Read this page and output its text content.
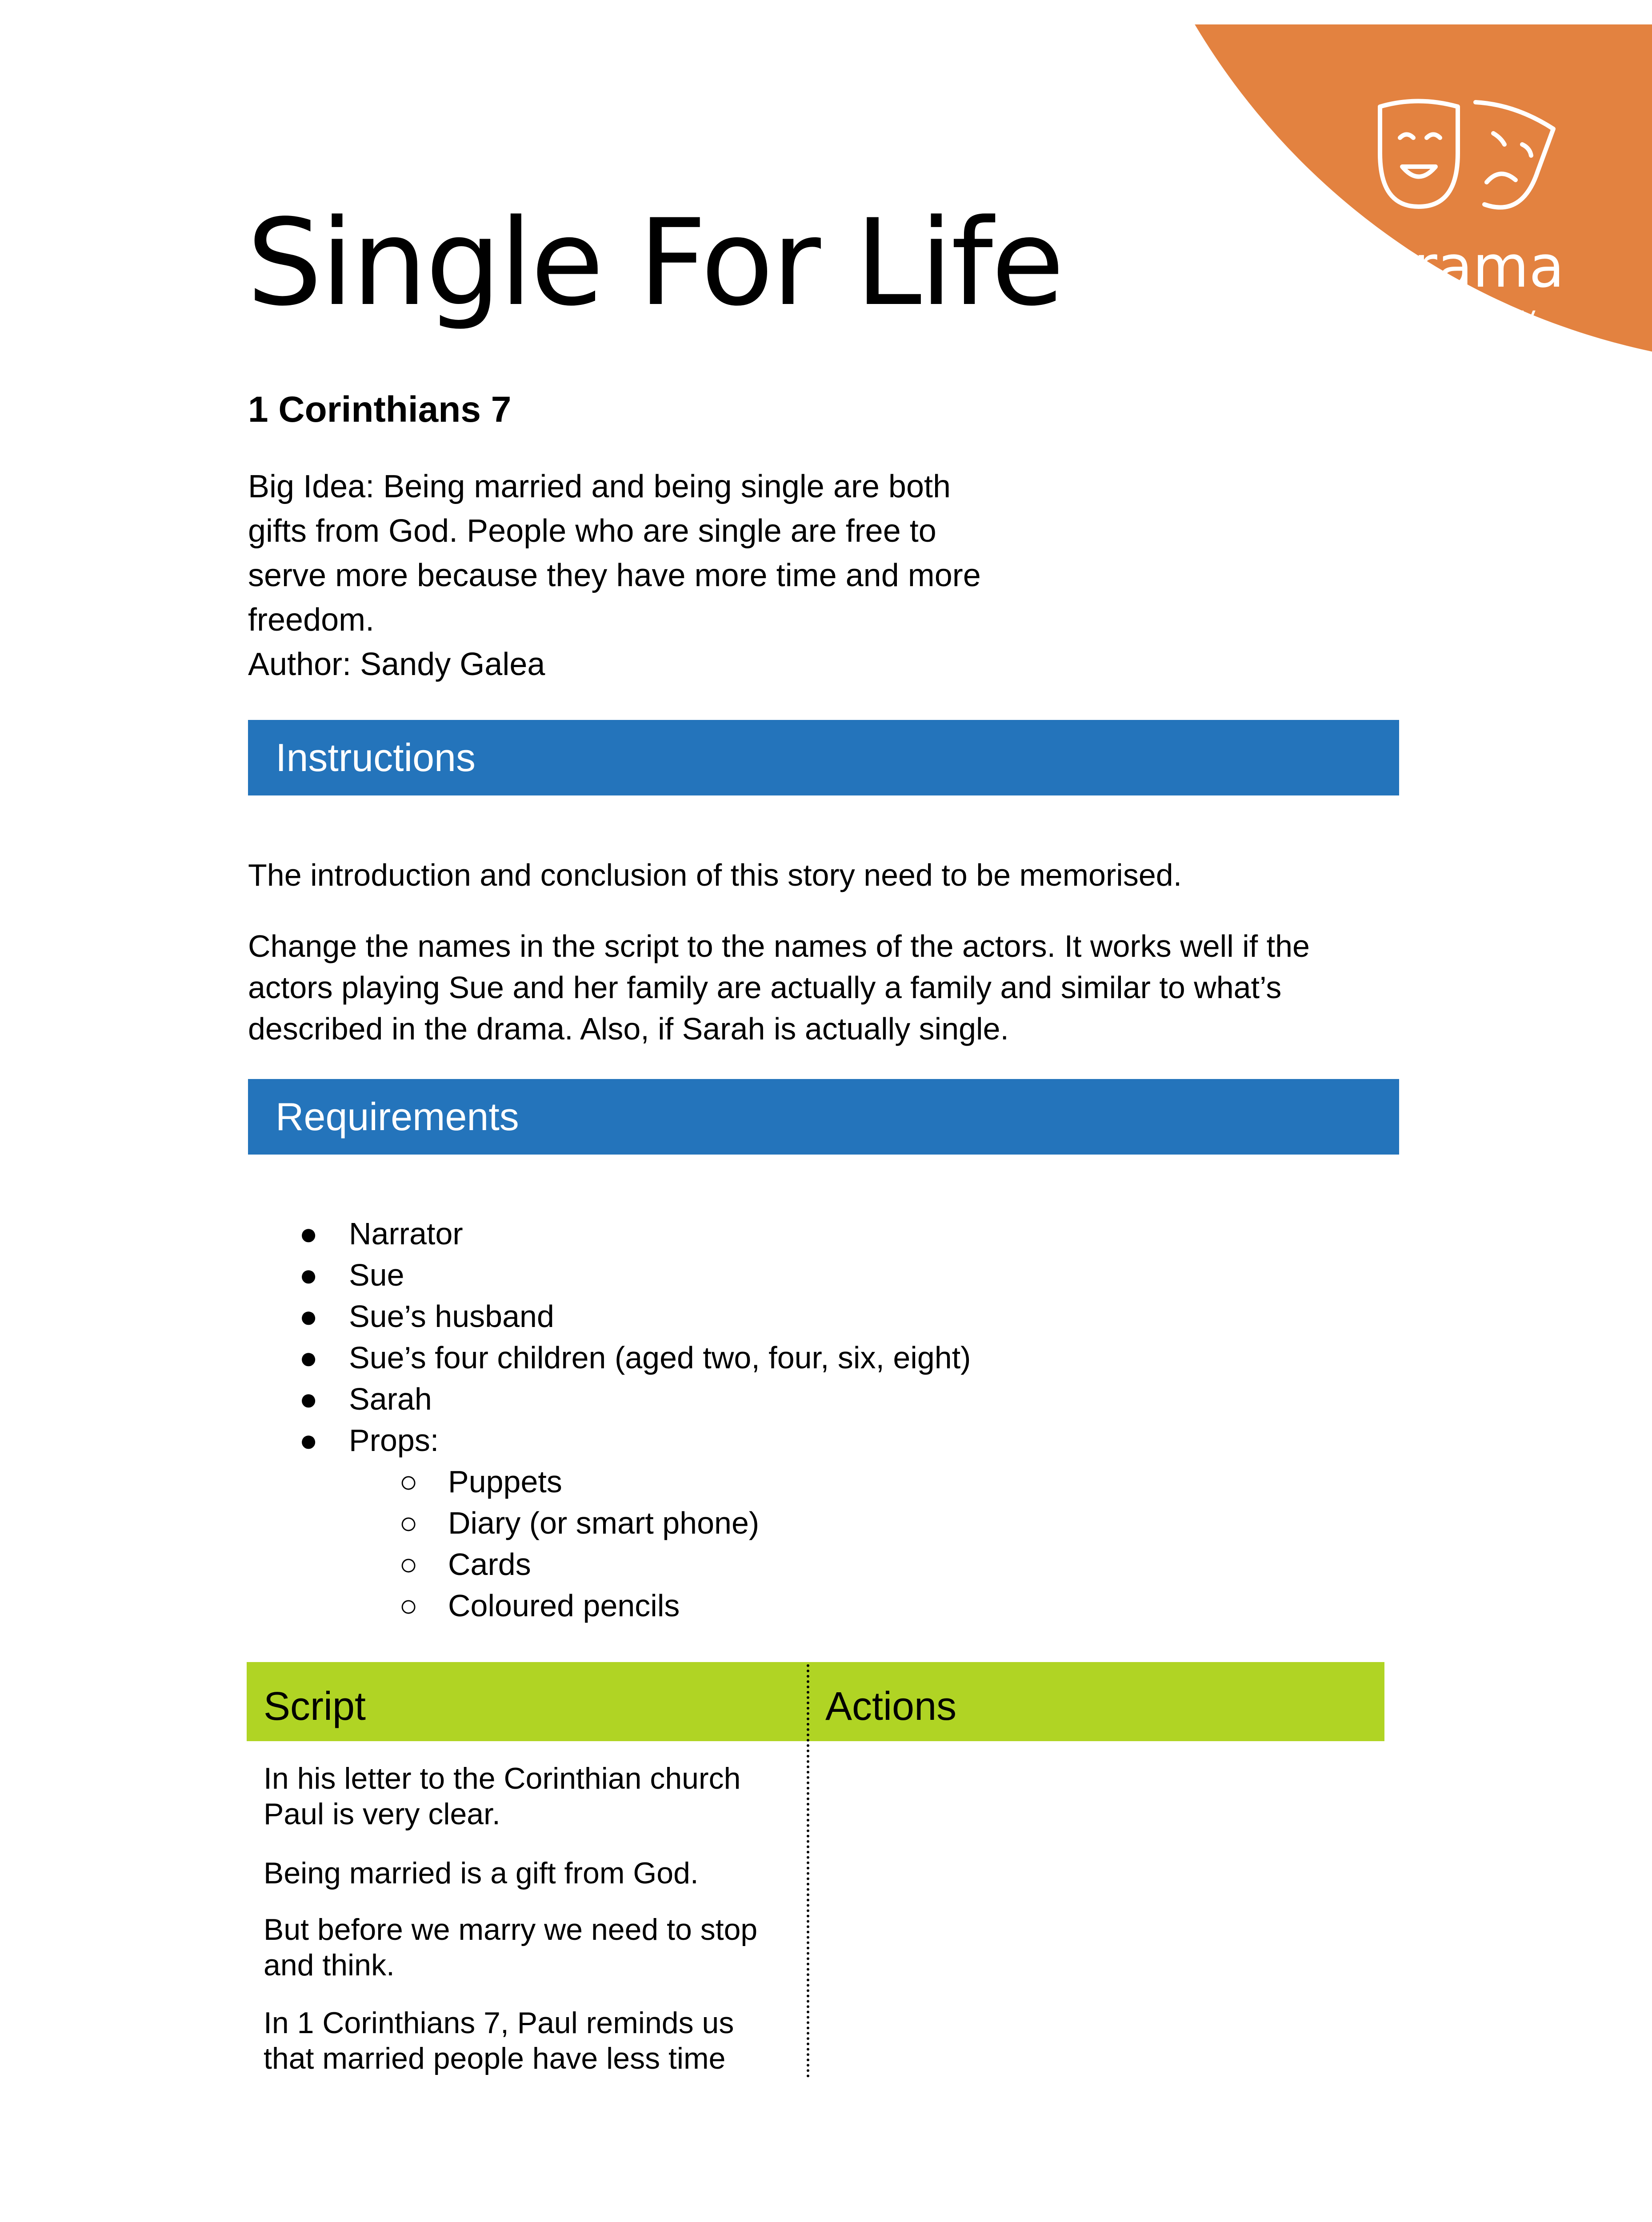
Drama
Kids Story
Single For Life
1 Corinthians 7
Big Idea: Being married and being single are both
gifts from God. People who are single are free to
serve more because they have more time and more
freedom.
Author: Sandy Galea
Instructions

The introduction and conclusion of this story need to be memorised.

Change the names in the script to the names of the actors. It works well if the
actors playing Sue and her family are actually a family and similar to what’s
described in the drama. Also, if Sarah is actually single.
Requirements
● Narrator
● Sue
● Sue’s husband
● Sue’s four children (aged two, four, six, eight)
● Sarah
● Props:
○ Puppets
○ Diary (or smart phone)
○ Cards
○ Coloured pencils
Script	Actions
In his letter to the Corinthian church
Paul is very clear.
Being married is a gift from God.
But before we marry we need to stop
and think.
In 1 Corinthians 7, Paul reminds us
that married people have less time
